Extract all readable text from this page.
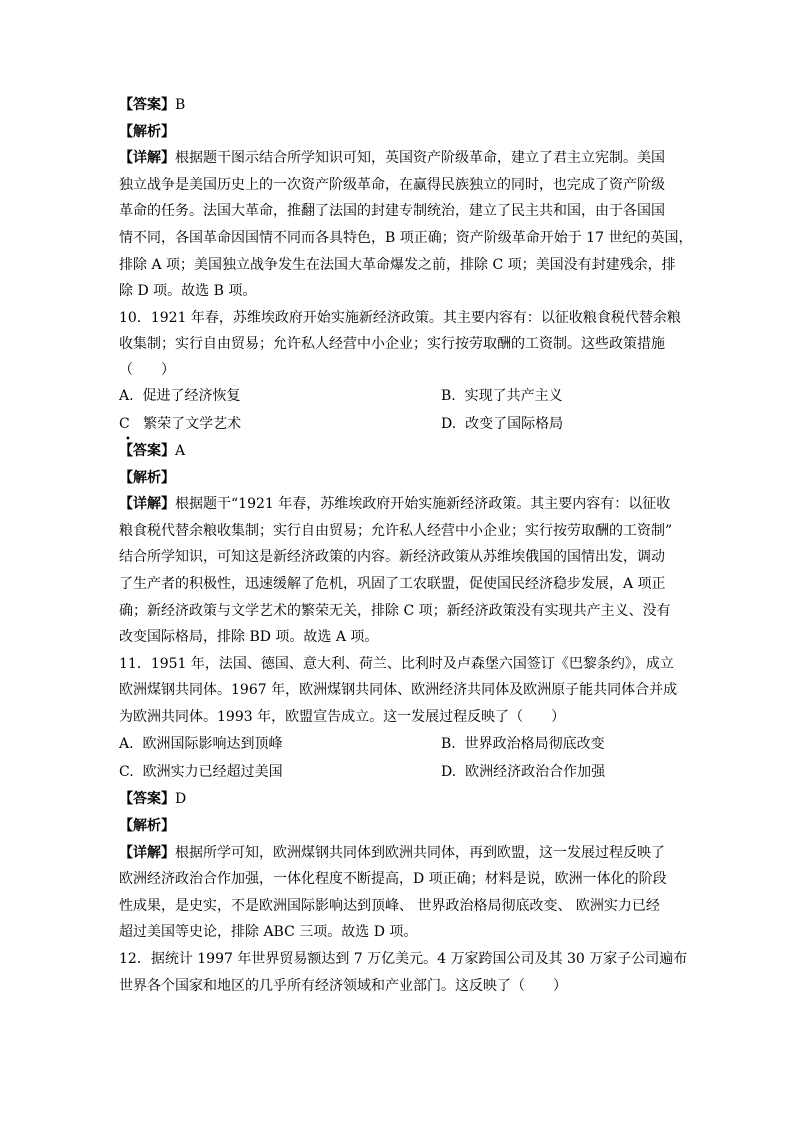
【答案】B
【解析】
【详解】根据题干图示结合所学知识可知，英国资产阶级革命，建立了君主立宪制。美国
独立战争是美国历史上的一次资产阶级革命，在赢得民族独立的同时，也完成了资产阶级
革命的任务。法国大革命，推翻了法国的封建专制统治，建立了民主共和国，由于各国国
情不同，各国革命因国情不同而各具特色，B 项正确；资产阶级革命开始于 17 世纪的英国，
排除 A 项；美国独立战争发生在法国大革命爆发之前，排除 C 项；美国没有封建残余，排
除 D 项。故选 B 项。
10．1921 年春，苏维埃政府开始实施新经济政策。其主要内容有：以征收粮食税代替余粮
收集制；实行自由贸易；允许私人经营中小企业；实行按劳取酬的工资制。这些政策措施
（　　）
A. 促进了经济恢复	B. 实现了共产主义
C 繁荣了文学艺术	D. 改变了国际格局
•
【答案】A
【解析】
【详解】根据题干“1921 年春，苏维埃政府开始实施新经济政策。其主要内容有：以征收
粮食税代替余粮收集制；实行自由贸易；允许私人经营中小企业；实行按劳取酬的工资制”
结合所学知识，可知这是新经济政策的内容。新经济政策从苏维埃俄国的国情出发，调动
了生产者的积极性，迅速缓解了危机，巩固了工农联盟，促使国民经济稳步发展，A 项正
确；新经济政策与文学艺术的繁荣无关，排除 C 项；新经济政策没有实现共产主义、没有
改变国际格局，排除 BD 项。故选 A 项。
11．1951 年，法国、德国、意大利、荷兰、比利时及卢森堡六国签订《巴黎条约》，成立
欧洲煤钢共同体。1967 年，欧洲煤钢共同体、欧洲经济共同体及欧洲原子能共同体合并成
为欧洲共同体。1993 年，欧盟宣告成立。这一发展过程反映了（　　）
A. 欧洲国际影响达到顶峰	B. 世界政治格局彻底改变
C. 欧洲实力已经超过美国	D. 欧洲经济政治合作加强
【答案】D
【解析】
【详解】根据所学可知，欧洲煤钢共同体到欧洲共同体，再到欧盟，这一发展过程反映了
欧洲经济政治合作加强，一体化程度不断提高，D 项正确；材料是说，欧洲一体化的阶段
性成果，是史实，不是欧洲国际影响达到顶峰、 世界政治格局彻底改变、 欧洲实力已经
超过美国等史论，排除 ABC 三项。故选 D 项。
12．据统计 1997 年世界贸易额达到 7 万亿美元。4 万家跨国公司及其 30 万家子公司遍布
世界各个国家和地区的几乎所有经济领域和产业部门。这反映了（　　）
